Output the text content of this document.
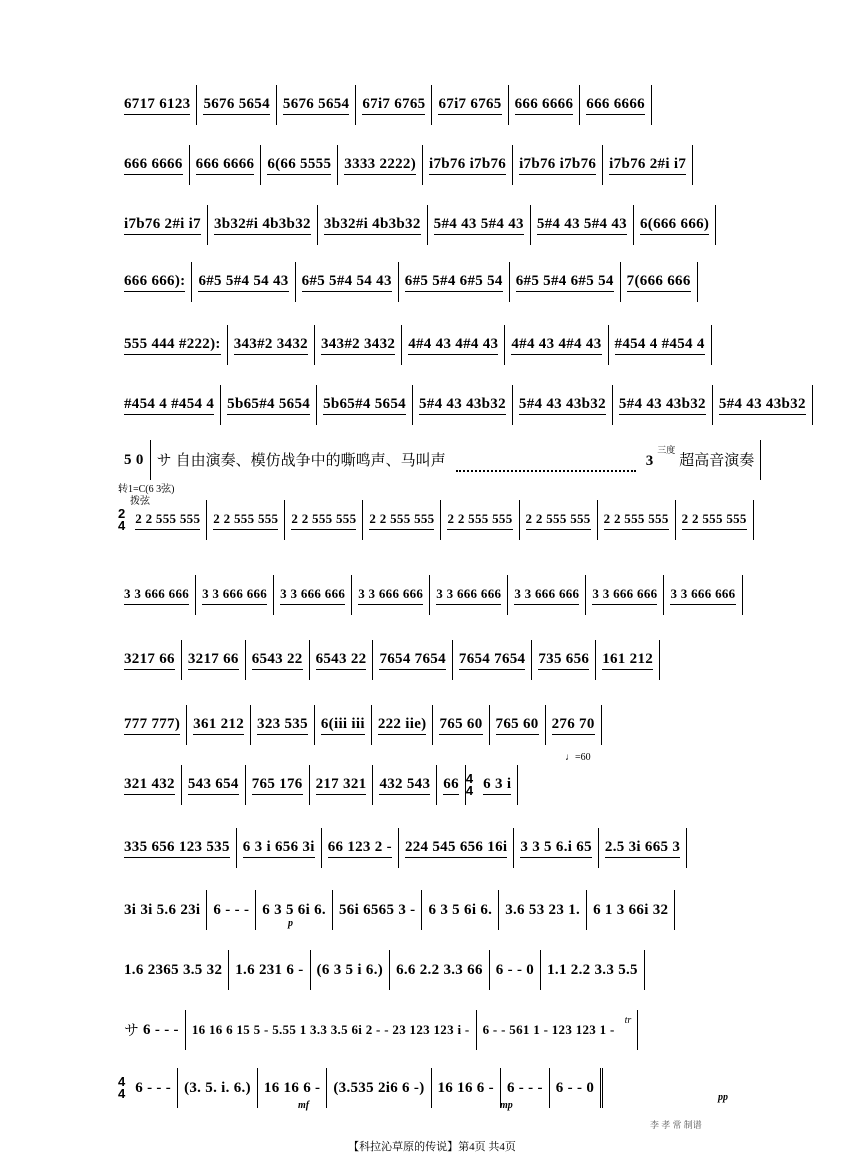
6717 6123 5676 5654 5676 5654 67i7 6765 67i7 6765 666 6666 666 6666
666 6666 666 6666 6(66 5555 3333 2222) i7b76 i7b76 i7b76 i7b76 i7b76 2#i i7
i7b76 2#i i7 3b32#i 4b3b32 3b32#i 4b3b32 5#4 43 5#4 43 5#4 43 5#4 43 6(666 666)
666 666): 6#5 5#4 54 43 6#5 5#4 54 43 6#5 5#4 6#5 54 6#5 5#4 6#5 54 7(666 666
555 444 #222): 343#2 3432 343#2 3432 4#4 43 4#4 43 4#4 43 4#4 43 #454 4 #454 4
#454 4 #454 4 5b65#4 5654 5b65#4 5654 5#4 43 43b32 5#4 43 43b32 5#4 43 43b32 5#4 43 43b32
5 0 サ 自由演奏、模仿战争中的嘶鸣声、马叫声	3
三度
超高音演奏
转1=C(6 3弦)
拨弦
2
4 2 2 555 555 2 2 555 555 2 2 555 555 2 2 555 555 2 2 555 555 2 2 555 555 2 2 555 555 2 2 555 555
3 3 666 666 3 3 666 666 3 3 666 666 3 3 666 666 3 3 666 666 3 3 666 666 3 3 666 666 3 3 666 666
3217 66 3217 66 6543 22 6543 22 7654 7654 7654 7654 735 656 161 212
777 777) 361 212 323 535 6(iii iii 222 iie) 765 60 765 60 276 70
321 432 543 654 765 176 217 321 432 543 66 4
4 6 3 i
♩=60
335 656 123 535 6 3 i 656 3i 66 123 2 - 224 545 656 16i 3 3 5 6.i 65 2.5 3i 665 3
3i 3i 5.6 23i 6 - - - 6 3 5 6i 6. 56i 6565 3 - 6 3 5 6i 6. 3.6 53 23 1. 6 1 3 66i 32
p
1.6 2365 3.5 32 1.6 231 6 - (6 3 5 i 6.) 6.6 2.2 3.3 66 6 - - 0 1.1 2.2 3.3 5.5
サ 6 - - - 16 16 6 15 5 - 5.55 1 3.3 3.5 6i 2 - - 23 123 123 i - 6 - - 561 1 - 123 123 1 -
tr
4
4 6 - - - (3. 5. i. 6.) 16 16 6 - (3.535 2i6 6 -) 16 16 6 - 6 - - - 6 - - 0
mf	mp
pp
李 孝 常 制谱
【科拉沁草原的传说】第4页 共4页
